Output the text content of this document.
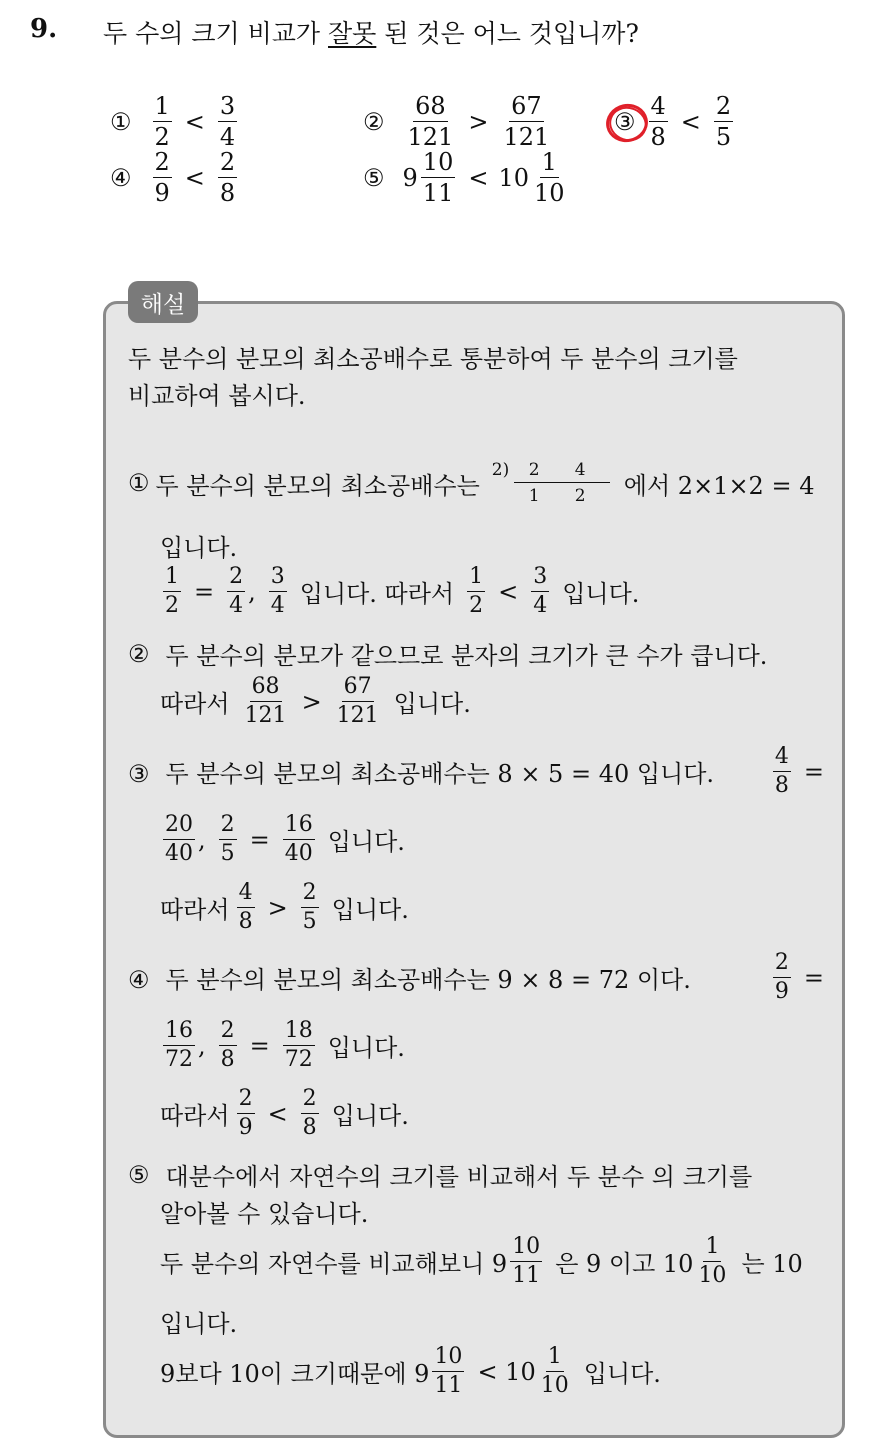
9. 두 수의 크기 비교가 잘못 된 것은 어느 것입니까?
① $\frac{1}{2} < \frac{3}{4}$	② $\frac{68}{121} > \frac{67}{121}$	③ $\frac{4}{8} < \frac{2}{5}$
④ $\frac{2}{9} < \frac{2}{8}$	⑤ $9 \frac{10}{11} < 10 \frac{1}{10}$
해설
두 분수의 분모의 최소공배수로 통분하여 두 분수의 크기를
비교하여 봅시다.
① 두 분수의 분모의 최소공배수는
2) 2 4
1 2 에서 2×1×2 = 4
입니다.
$\frac{1}{2} = \frac{2}{4}$ , $\frac{3}{4}$ 입니다. 따라서 $\frac{1}{2} < \frac{3}{4}$ 입니다.
② 두 분수의 분모가 같으므로 분자의 크기가 큰 수가 큽니다.
따라서 $\frac{68}{121} > \frac{67}{121}$ 입니다.
③ 두 분수의 분모의 최소공배수는 8 × 5 = 40 입니다.	$\frac{4}{8}$ =
$\frac{20}{40}$ , $\frac{2}{5} = \frac{16}{40}$ 입니다.
따라서 $\frac{4}{8} > \frac{2}{5}$ 입니다.
④ 두 분수의 분모의 최소공배수는 9 × 8 = 72 이다.	$\frac{2}{9}$ =
$\frac{16}{72}$ , $\frac{2}{8} = \frac{18}{72}$ 입니다.
따라서 $\frac{2}{9} < \frac{2}{8}$ 입니다.
⑤ 대분수에서 자연수의 크기를 비교해서 두 분수 의 크기를
알아볼 수 있습니다.
두 분수의 자연수를 비교해보니 $9 \frac{10}{11}$ 은 9 이고 $10 \frac{1}{10}$ 는 10
입니다.
9보다 10이 크기때문에 $9 \frac{10}{11} < 10 \frac{1}{10}$ 입니다.
